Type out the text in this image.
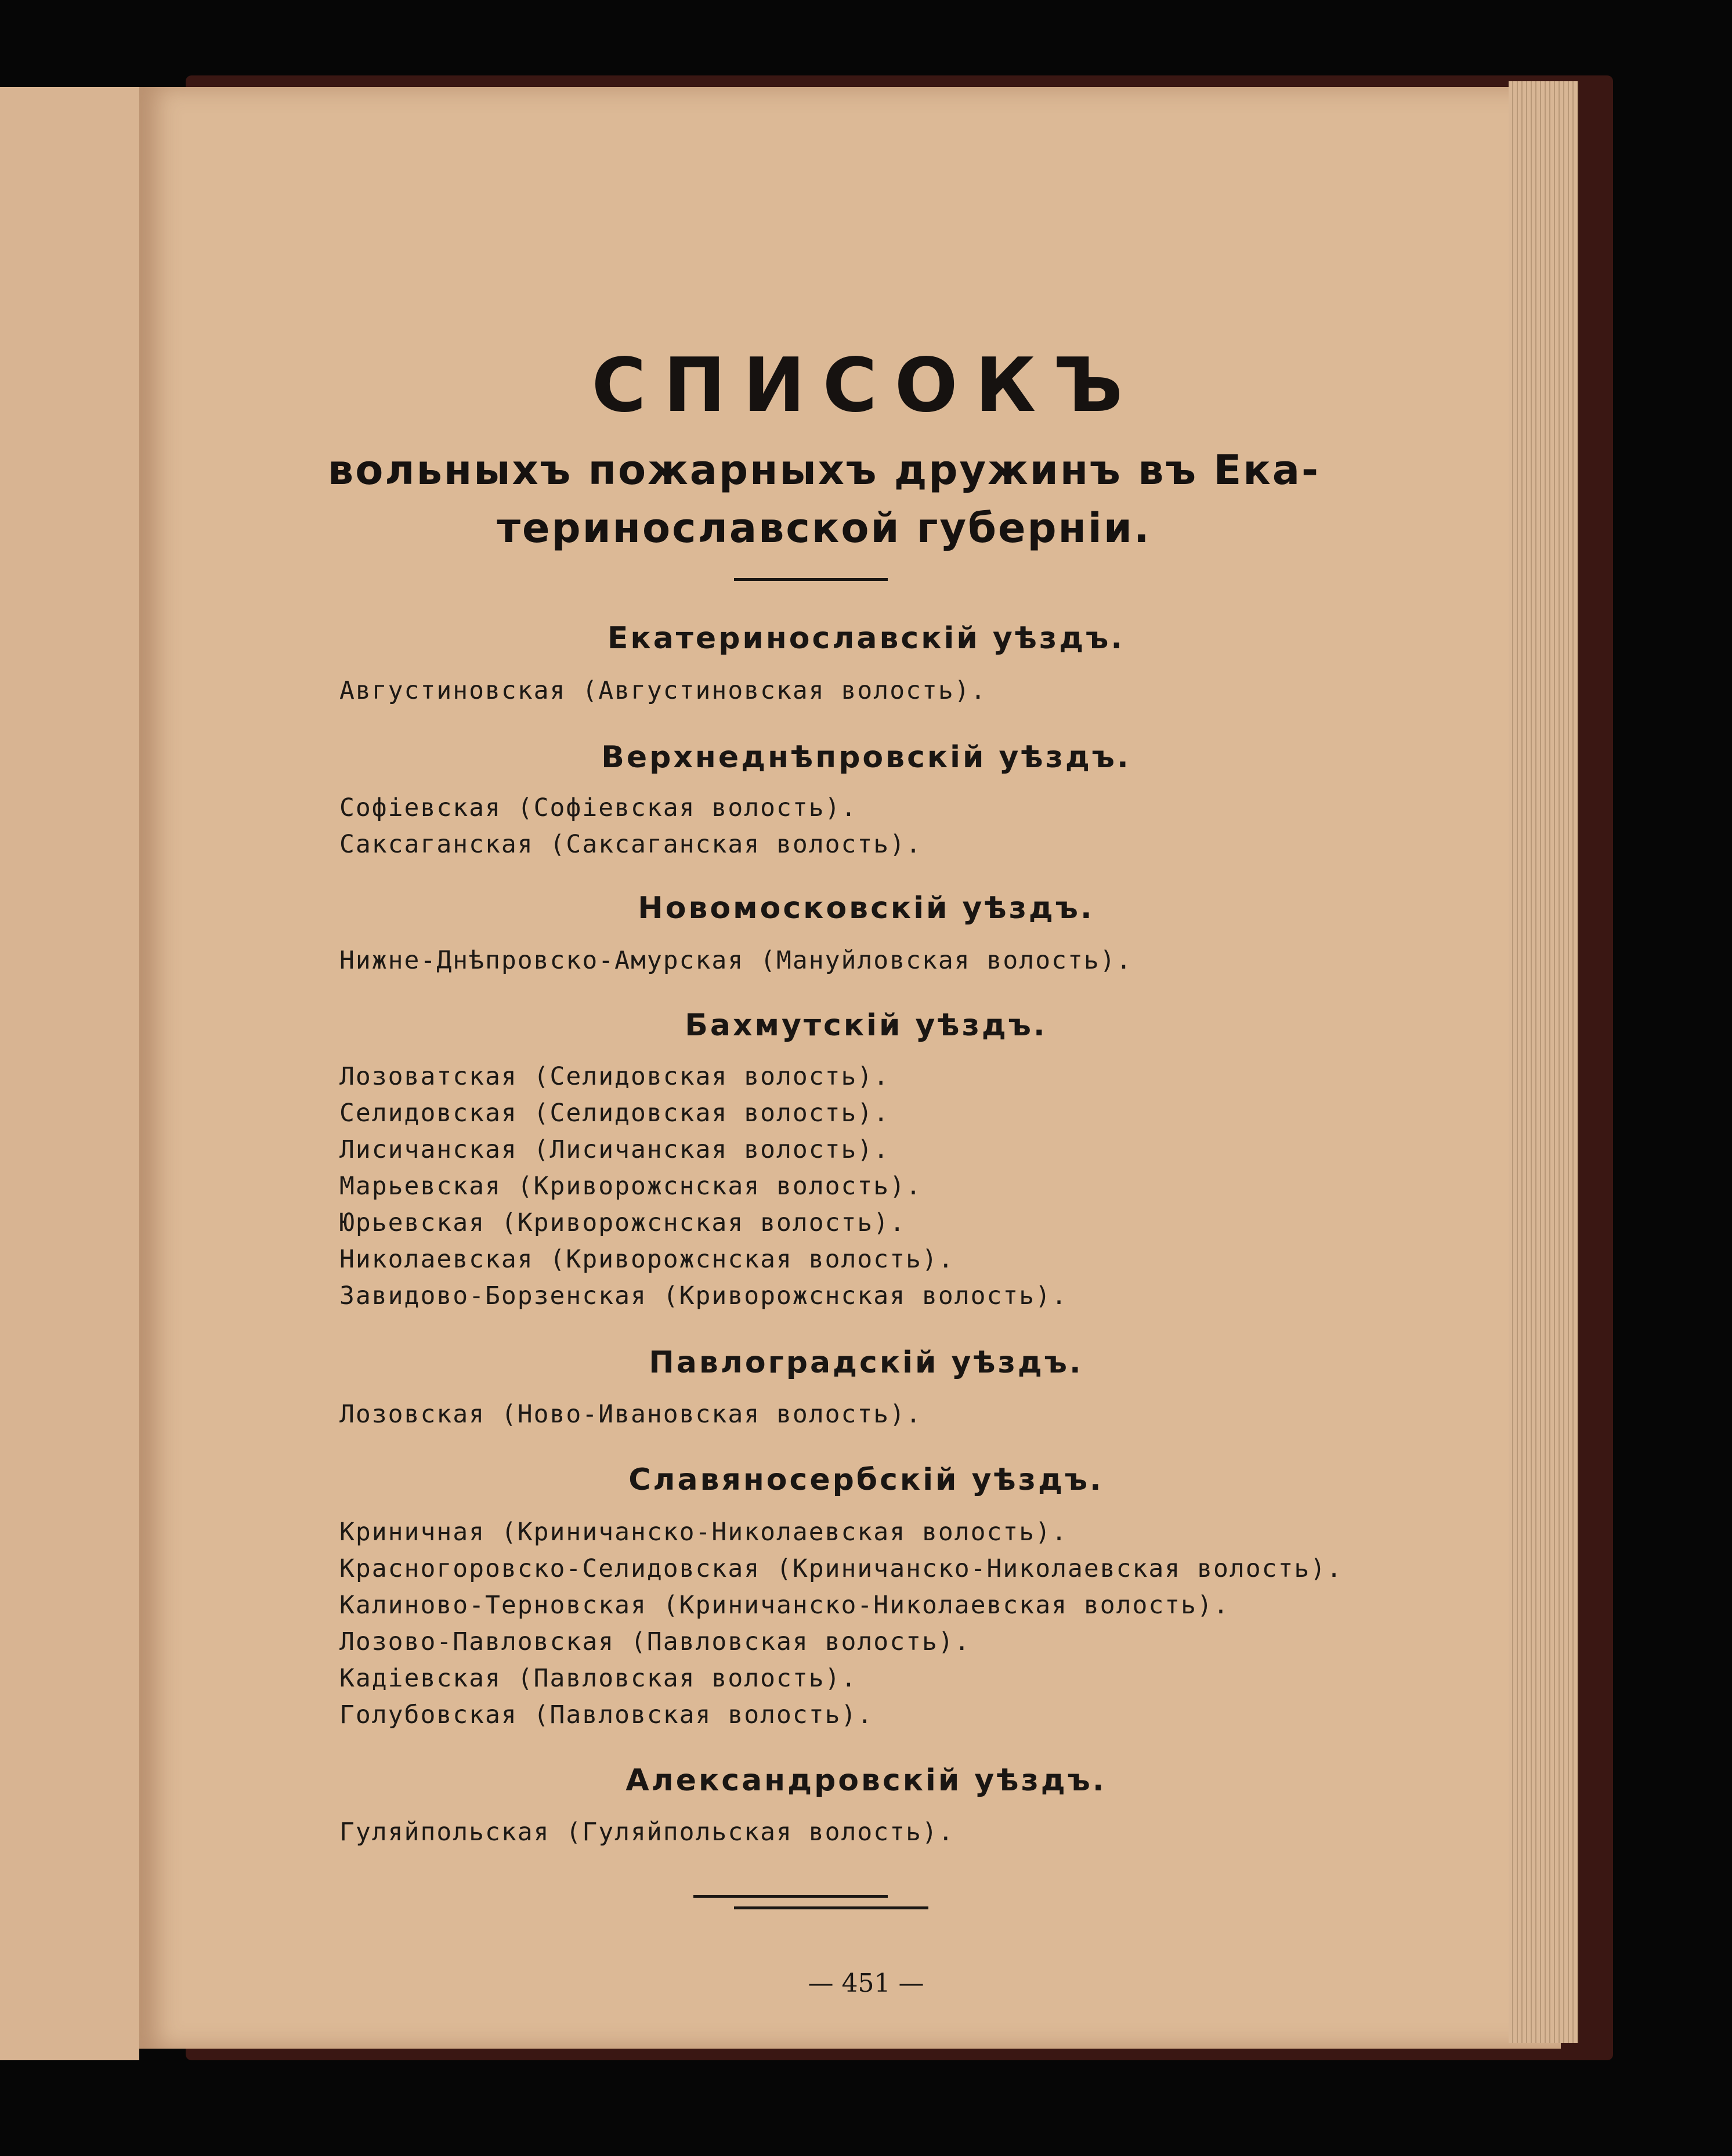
СПИСОКЪ
вольныхъ пожарныхъ дружинъ въ Ека-
теринославской губерніи.
Екатеринославскій уѣздъ.
Августиновская (Августиновская волость).
Верхнеднѣпровскій уѣздъ.
Софіевская (Софіевская волость).
Саксаганская (Саксаганская волость).
Новомосковскій уѣздъ.
Нижне-Днѣпровско-Амурская (Мануйловская волость).
Бахмутскій уѣздъ.
Лозоватская (Селидовская волость).
Селидовская (Селидовская волость).
Лисичанская (Лисичанская волость).
Марьевская (Криворожснская волость).
Юрьевская (Криворожснская волость).
Николаевская (Криворожснская волость).
Завидово-Борзенская (Криворожснская волость).
Павлоградскій уѣздъ.
Лозовская (Ново-Ивановская волость).
Славяносербскій уѣздъ.
Криничная (Криничанско-Николаевская волость).
Красногоровско-Селидовская (Криничанско-Николаевская волость).
Калиново-Терновская (Криничанско-Николаевская волость).
Лозово-Павловская (Павловская волость).
Кадіевская (Павловская волость).
Голубовская (Павловская волость).
Александровскій уѣздъ.
Гуляйпольская (Гуляйпольская волость).
— 451 —
